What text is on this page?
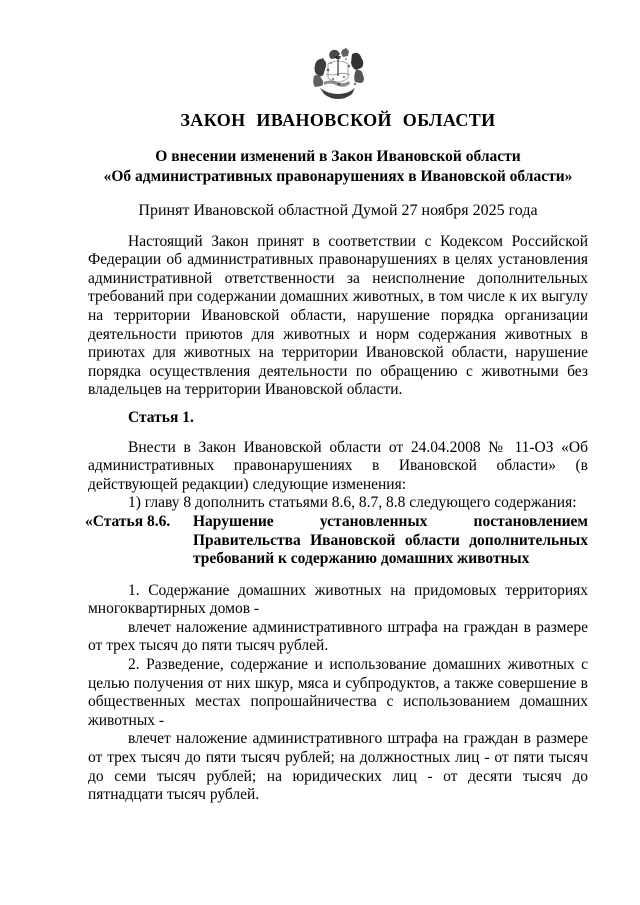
ЗАКОН ИВАНОВСКОЙ ОБЛАСТИ
О внесении изменений в Закон Ивановской области
«Об административных правонарушениях в Ивановской области»
Принят Ивановской областной Думой 27 ноября 2025 года

Настоящий Закон принят в соответствии с Кодексом Российской Федерации об административных правонарушениях в целях установления административной ответственности за неисполнение дополнительных требований при содержании домашних животных, в том числе к их выгулу на территории Ивановской области, нарушение порядка организации деятельности приютов для животных и норм содержания животных в приютах для животных на территории Ивановской области, нарушение порядка осуществления деятельности по обращению с животными без владельцев на территории Ивановской области.

Статья 1.

Внести в Закон Ивановской области от 24.04.2008 № 11-ОЗ «Об административных правонарушениях в Ивановской области» (в действующей редакции) следующие изменения:

1) главу 8 дополнить статьями 8.6, 8.7, 8.8 следующего содержания:

«Статья 8.6. Нарушение установленных постановлением Правительства Ивановской области дополнительных требований к содержанию домашних животных

1. Содержание домашних животных на придомовых территориях многоквартирных домов -

влечет наложение административного штрафа на граждан в размере от трех тысяч до пяти тысяч рублей.

2. Разведение, содержание и использование домашних животных с целью получения от них шкур, мяса и субпродуктов, а также совершение в общественных местах попрошайничества с использованием домашних животных -

влечет наложение административного штрафа на граждан в размере от трех тысяч до пяти тысяч рублей; на должностных лиц - от пяти тысяч до семи тысяч рублей; на юридических лиц - от десяти тысяч до пятнадцати тысяч рублей.
